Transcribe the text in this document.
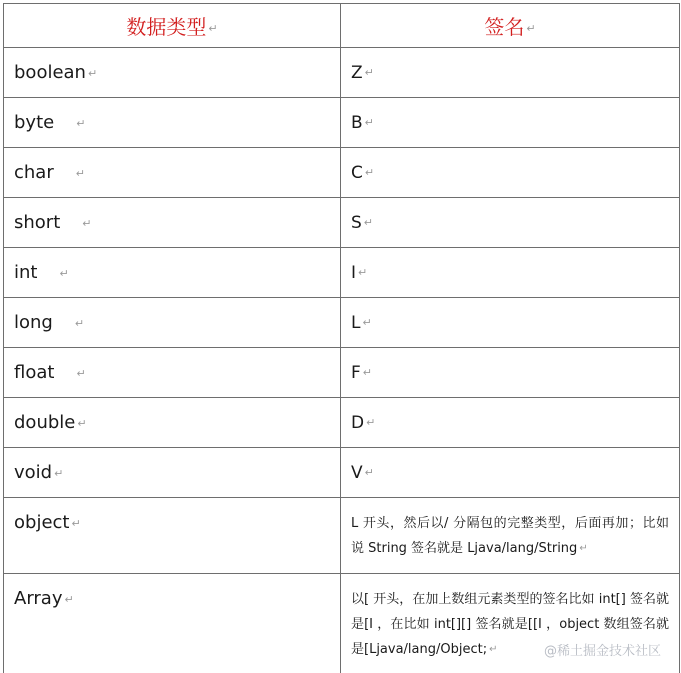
数据类型 ↵	签名 ↵
boolean ↵	Z ↵
byte ↵	B ↵
char ↵	C ↵
short ↵	S ↵
int ↵	I ↵
long ↵	L ↵
float ↵	F ↵
double ↵	D ↵
void ↵	V ↵
object ↵	L 开头，然后以/ 分隔包的完整类型，后面再加；比如说 String 签名就是 Ljava/lang/String ↵

Array ↵	以[ 开头，在加上数组元素类型的签名比如 int[] 签名就是[I ，在比如 int[][] 签名就是[[I ，object 数组签名就是[Ljava/lang/Object; ↵	@稀土掘金技术社区
